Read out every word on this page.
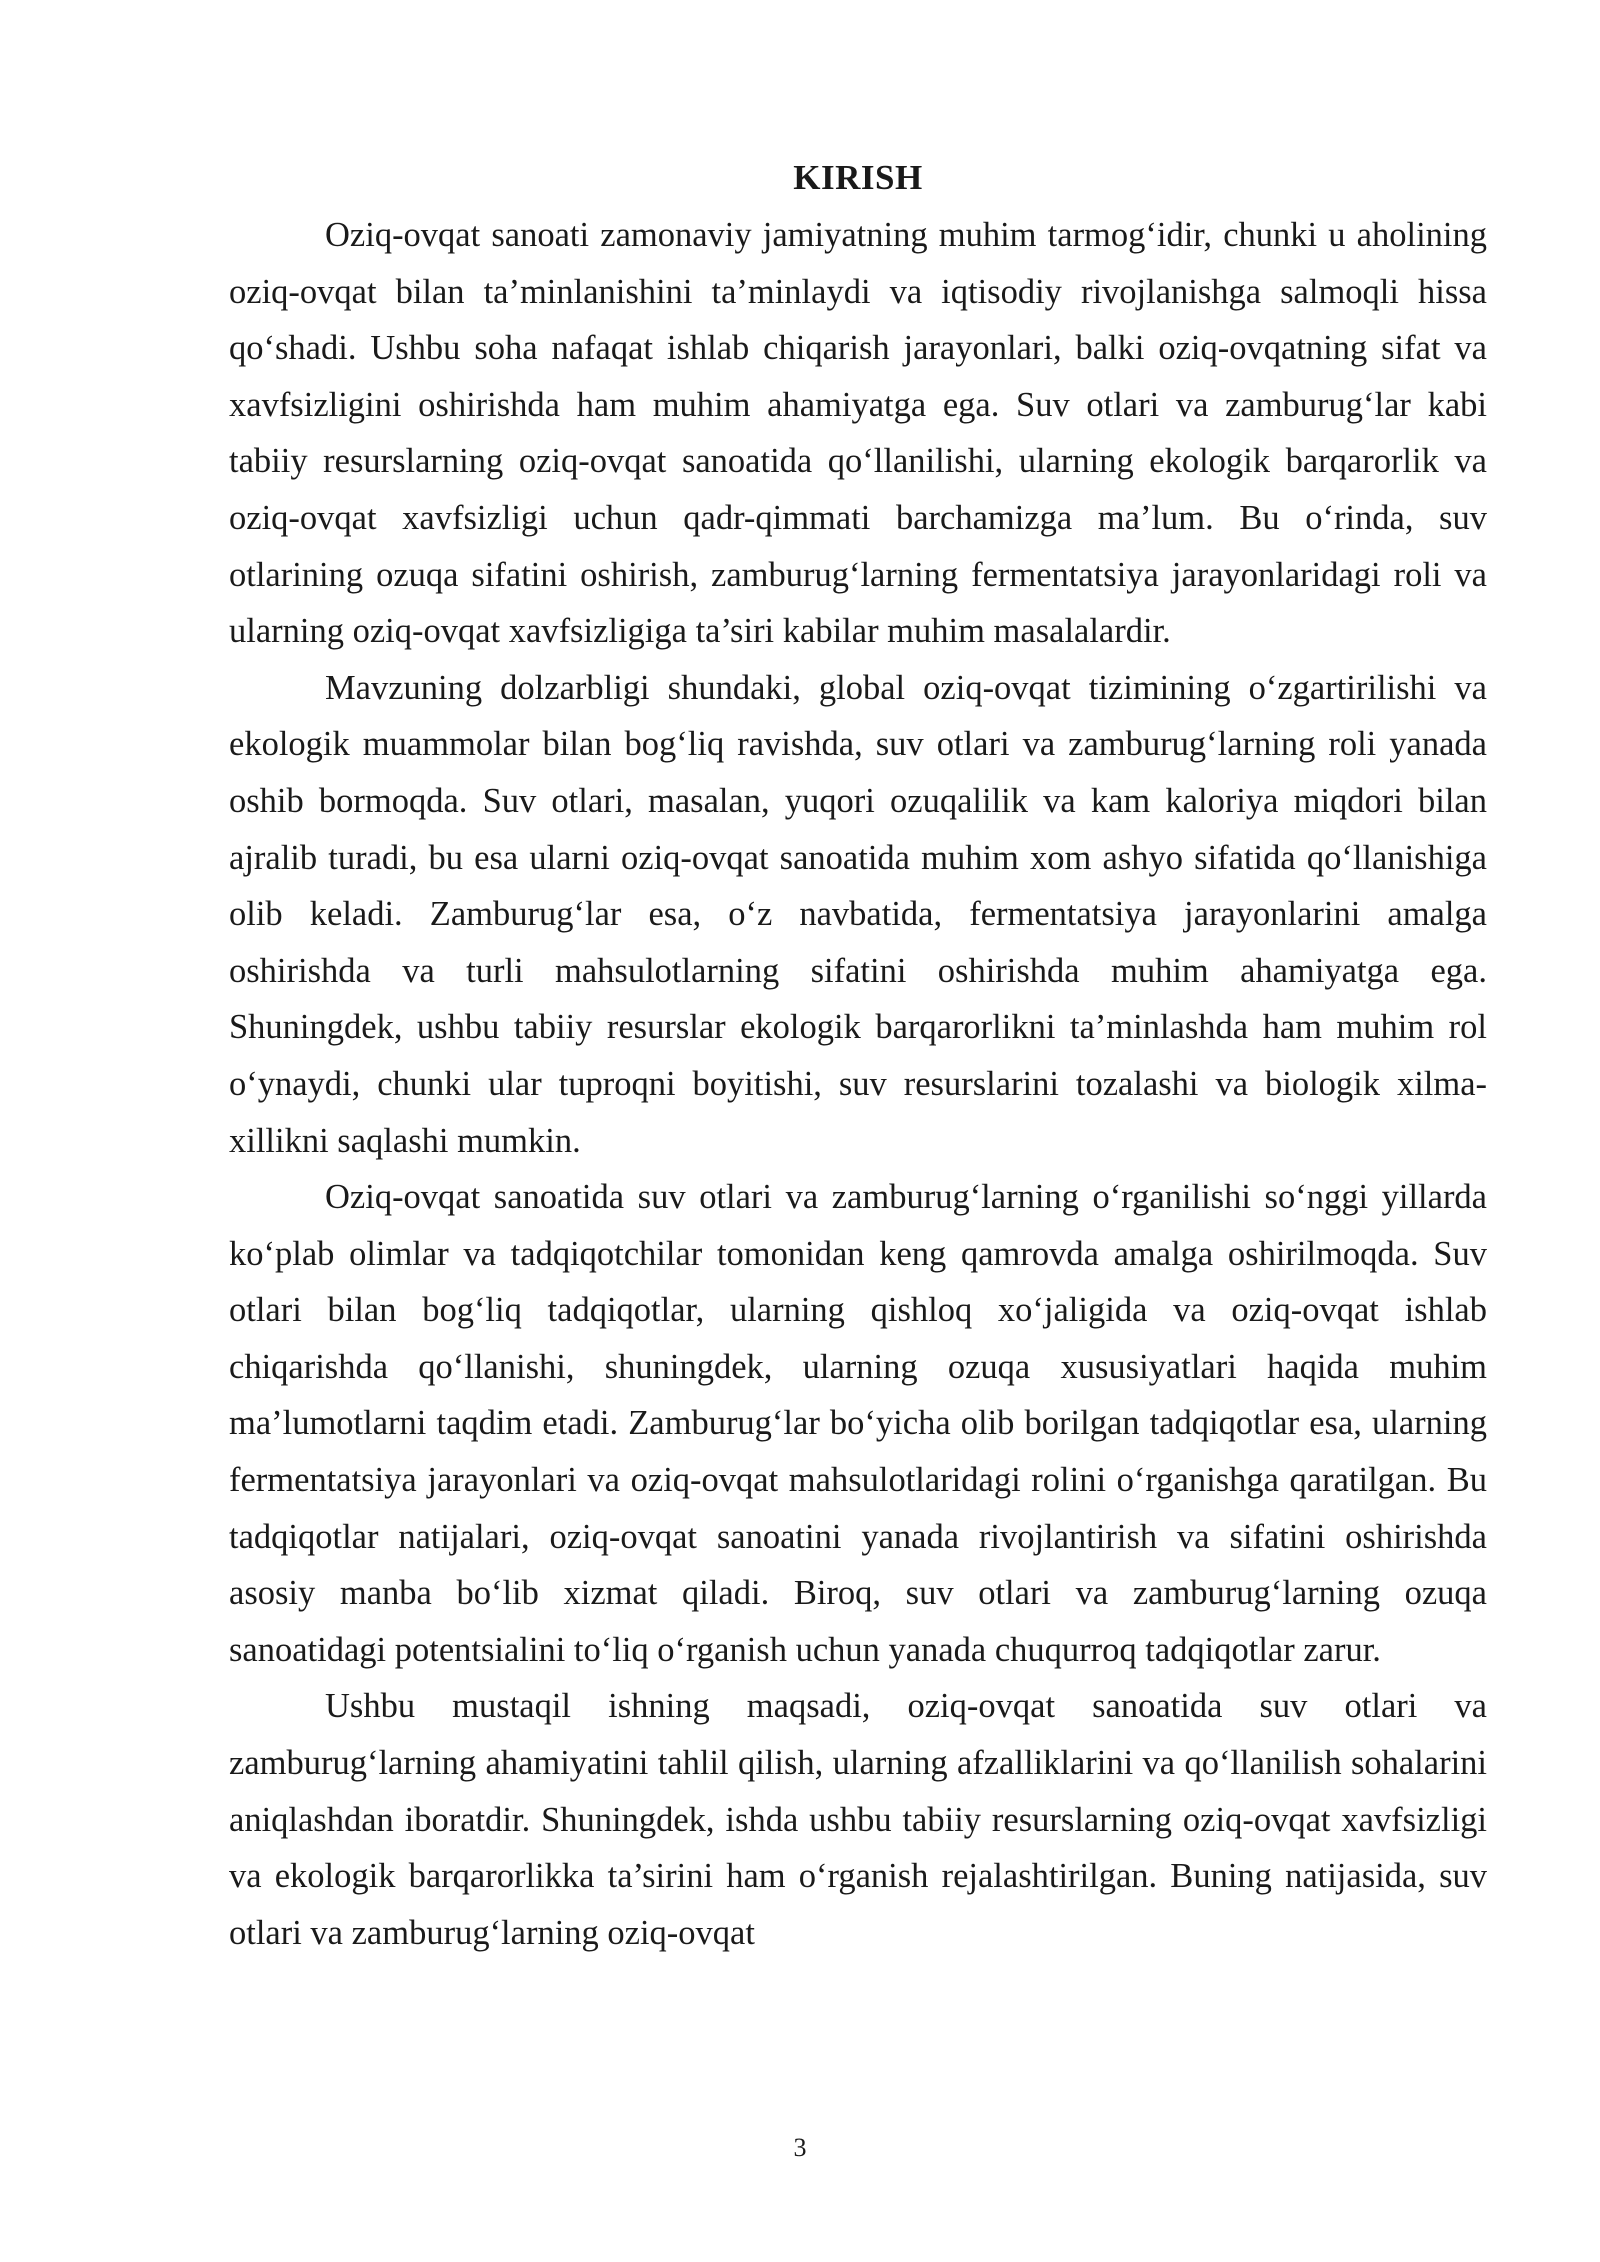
KIRISH

Oziq-ovqat sanoati zamonaviy jamiyatning muhim tarmog‘idir, chunki u aholining oziq-ovqat bilan ta’minlanishini ta’minlaydi va iqtisodiy rivojlanishga salmoqli hissa qo‘shadi. Ushbu soha nafaqat ishlab chiqarish jarayonlari, balki oziq-ovqatning sifat va xavfsizligini oshirishda ham muhim ahamiyatga ega. Suv otlari va zamburug‘lar kabi tabiiy resurslarning oziq-ovqat sanoatida qo‘llanilishi, ularning ekologik barqarorlik va oziq-ovqat xavfsizligi uchun qadr-qimmati barchamizga ma’lum. Bu o‘rinda, suv otlarining ozuqa sifatini oshirish, zamburug‘larning fermentatsiya jarayonlaridagi roli va ularning oziq-ovqat xavfsizligiga ta’siri kabilar muhim masalalardir.

Mavzuning dolzarbligi shundaki, global oziq-ovqat tizimining o‘zgartirilishi va ekologik muammolar bilan bog‘liq ravishda, suv otlari va zamburug‘larning roli yanada oshib bormoqda. Suv otlari, masalan, yuqori ozuqalilik va kam kaloriya miqdori bilan ajralib turadi, bu esa ularni oziq-ovqat sanoatida muhim xom ashyo sifatida qo‘llanishiga olib keladi. Zamburug‘lar esa, o‘z navbatida, fermentatsiya jarayonlarini amalga oshirishda va turli mahsulotlarning sifatini oshirishda muhim ahamiyatga ega. Shuningdek, ushbu tabiiy resurslar ekologik barqarorlikni ta’minlashda ham muhim rol o‘ynaydi, chunki ular tuproqni boyitishi, suv resurslarini tozalashi va biologik xilma-xillikni saqlashi mumkin.

Oziq-ovqat sanoatida suv otlari va zamburug‘larning o‘rganilishi so‘nggi yillarda ko‘plab olimlar va tadqiqotchilar tomonidan keng qamrovda amalga oshirilmoqda. Suv otlari bilan bog‘liq tadqiqotlar, ularning qishloq xo‘jaligida va oziq-ovqat ishlab chiqarishda qo‘llanishi, shuningdek, ularning ozuqa xususiyatlari haqida muhim ma’lumotlarni taqdim etadi. Zamburug‘lar bo‘yicha olib borilgan tadqiqotlar esa, ularning fermentatsiya jarayonlari va oziq-ovqat mahsulotlaridagi rolini o‘rganishga qaratilgan. Bu tadqiqotlar natijalari, oziq-ovqat sanoatini yanada rivojlantirish va sifatini oshirishda asosiy manba bo‘lib xizmat qiladi. Biroq, suv otlari va zamburug‘larning ozuqa sanoatidagi potentsialini to‘liq o‘rganish uchun yanada chuqurroq tadqiqotlar zarur.

Ushbu mustaqil ishning maqsadi, oziq-ovqat sanoatida suv otlari va zamburug‘larning ahamiyatini tahlil qilish, ularning afzalliklarini va qo‘llanilish sohalarini aniqlashdan iboratdir. Shuningdek, ishda ushbu tabiiy resurslarning oziq-ovqat xavfsizligi va ekologik barqarorlikka ta’sirini ham o‘rganish rejalashtirilgan. Buning natijasida, suv otlari va zamburug‘larning oziq-ovqat

3
